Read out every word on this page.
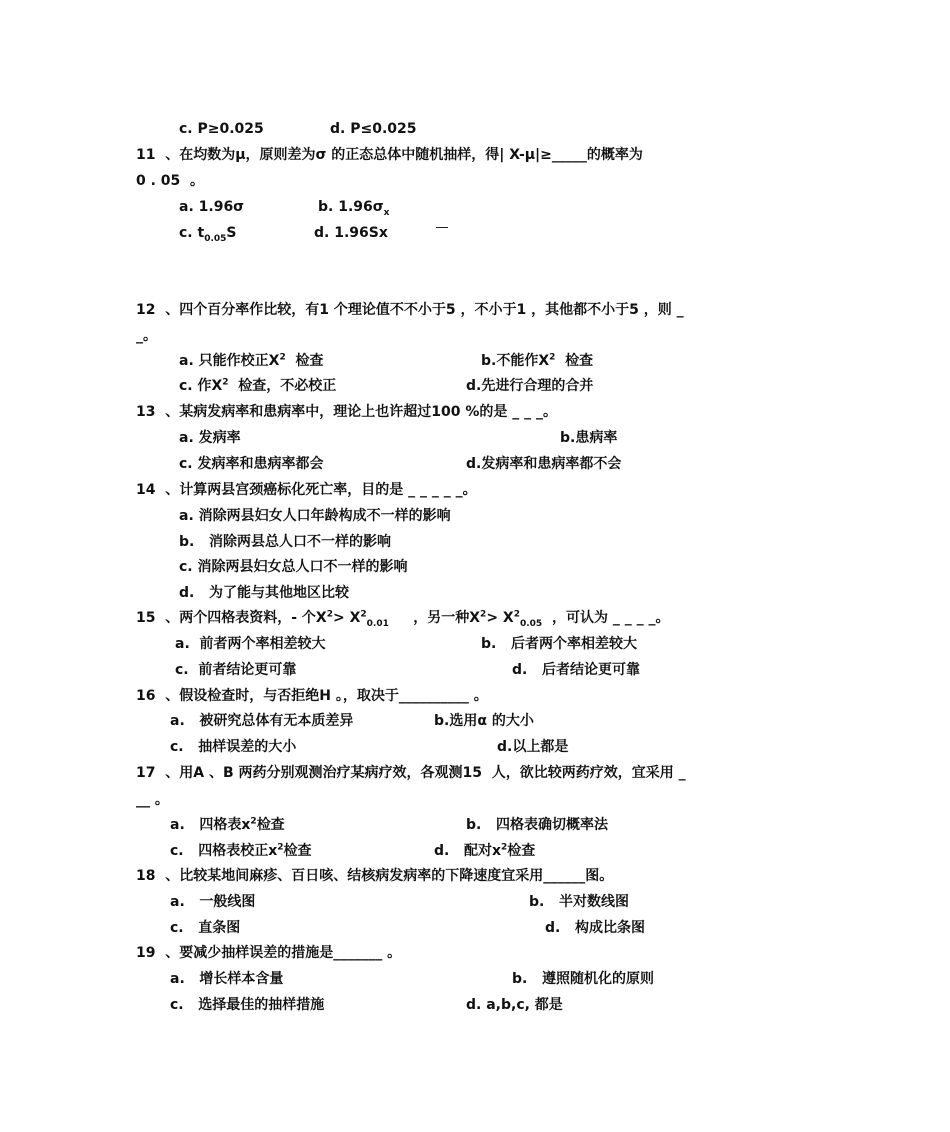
c. P≥0.025	d. P≤0.025
11  、在均数为μ，原则差为σ 的正态总体中随机抽样，得| X-μ|≥_____的概率为
0 . 05  。
a. 1.96σ	b. $1.96\sigma_x$
c. $t_{0.05}S$	d. 1.96Sx
12  、四个百分率作比较，有1 个理论值不不小于5 ，不小于1 ，其他都不小于5 ，则 _
_。
a. 只能作校正$X^2$  检查	b.不能作$X^2$  检查
c. 作$X^2$  检查，不必校正	d.先进行合理的合并
13  、某病发病率和患病率中，理论上也许超过100 %的是 _ _ _。
a. 发病率	b.患病率
c. 发病率和患病率都会	d.发病率和患病率都不会
14  、计算两县宫颈癌标化死亡率，目的是 _ _ _ _ _。
a. 消除两县妇女人口年龄构成不一样的影响
b.   消除两县总人口不一样的影响
c. 消除两县妇女总人口不一样的影响
d.   为了能与其他地区比较
15  、两个四格表资料，- 个$X^2> X^2_{0.01}$     ，另一种$X^2> X^2_{0.05}$  ，可认为 _ _ _ _。
a.  前者两个率相差较大	b.   后者两个率相差较大
c.  前者结论更可靠	d.   后者结论更可靠
16  、假设检查时，与否拒绝H 。，取决于__________ 。
a.   被研究总体有无本质差异	b.选用α 的大小
c.   抽样误差的大小	d.以上都是
17  、用A 、B 两药分别观测治疗某病疗效，各观测15  人，欲比较两药疗效，宜采用 _
__ 。
a.   四格表$x^2$检查	b.   四格表确切概率法
c.   四格表校正$x^2$检查	d.   配对$x^2$检查
18  、比较某地间麻疹、百日咳、结核病发病率的下降速度宜采用______图。
a.   一般线图	b.   半对数线图
c.   直条图	d.   构成比条图
19  、要减少抽样误差的措施是_______ 。
a.   增长样本含量	b.   遵照随机化的原则
c.   选择最佳的抽样措施	d. a,b,c, 都是
